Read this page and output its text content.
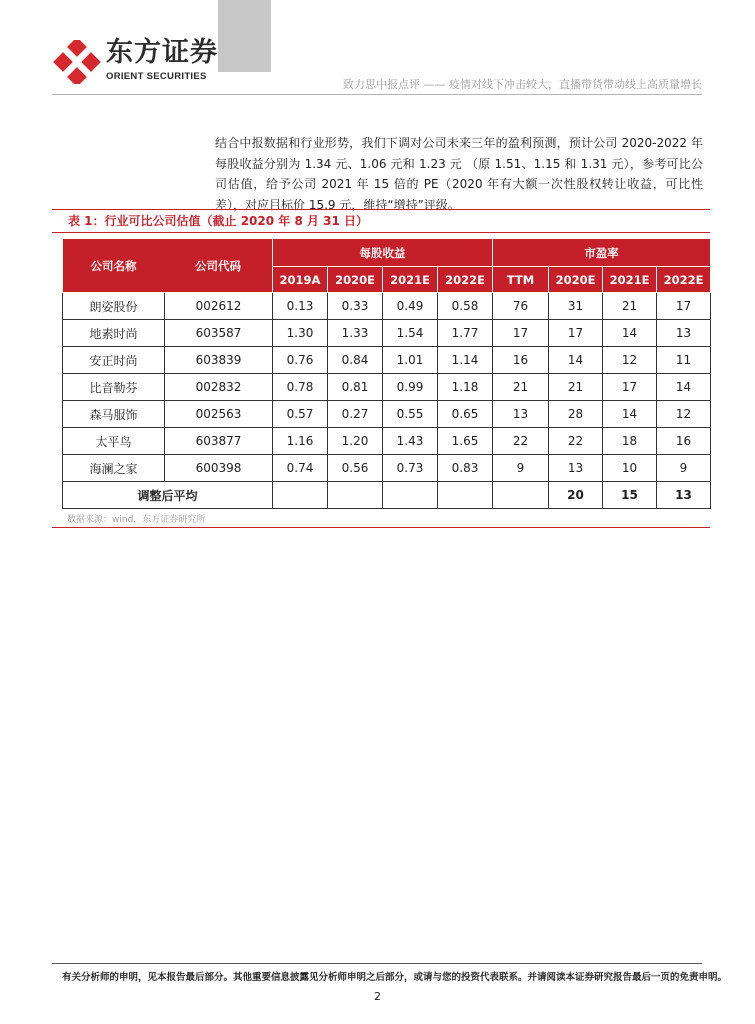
东方证券
ORIENT SECURITIES
致力思中报点评 —— 疫情对线下冲击较大，直播带货带动线上高质量增长
结合中报数据和行业形势，我们下调对公司未来三年的盈利预测，预计公司 2020-2022 年每股收益分别为 1.34 元、1.06 元和 1.23 元 （原 1.51、1.15 和 1.31 元），参考可比公司估值，给予公司 2021 年 15 倍的 PE（2020 年有大额一次性股权转让收益，可比性差），对应目标价 15.9 元，维持“增持”评级。
表 1：行业可比公司估值（截止 2020 年 8 月 31 日）
公司名称 公司代码	每股收益				市盈率			
	2019A	2020E	2021E	2022E	TTM	2020E	2021E	2022E

朗姿股份 002612	0.13	0.33	0.49	0.58	76	31	21	17

地素时尚 603587	1.30	1.33	1.54	1.77	17	17	14	13

安正时尚 603839	0.76	0.84	1.01	1.14	16	14	12	11

比音勒芬 002832	0.78	0.81	0.99	1.18	21	21	17	14

森马服饰 002563	0.57	0.27	0.55	0.65	13	28	14	12

太平鸟 603877	1.16	1.20	1.43	1.65	22	22	18	16

海澜之家 600398	0.74	0.56	0.73	0.83	9	13	10	9
调整后平均						20	15	13
数据来源：wind，东方证券研究所
有关分析师的申明，见本报告最后部分。其他重要信息披露见分析师申明之后部分，或请与您的投资代表联系。并请阅读本证券研究报告最后一页的免责申明。
2
